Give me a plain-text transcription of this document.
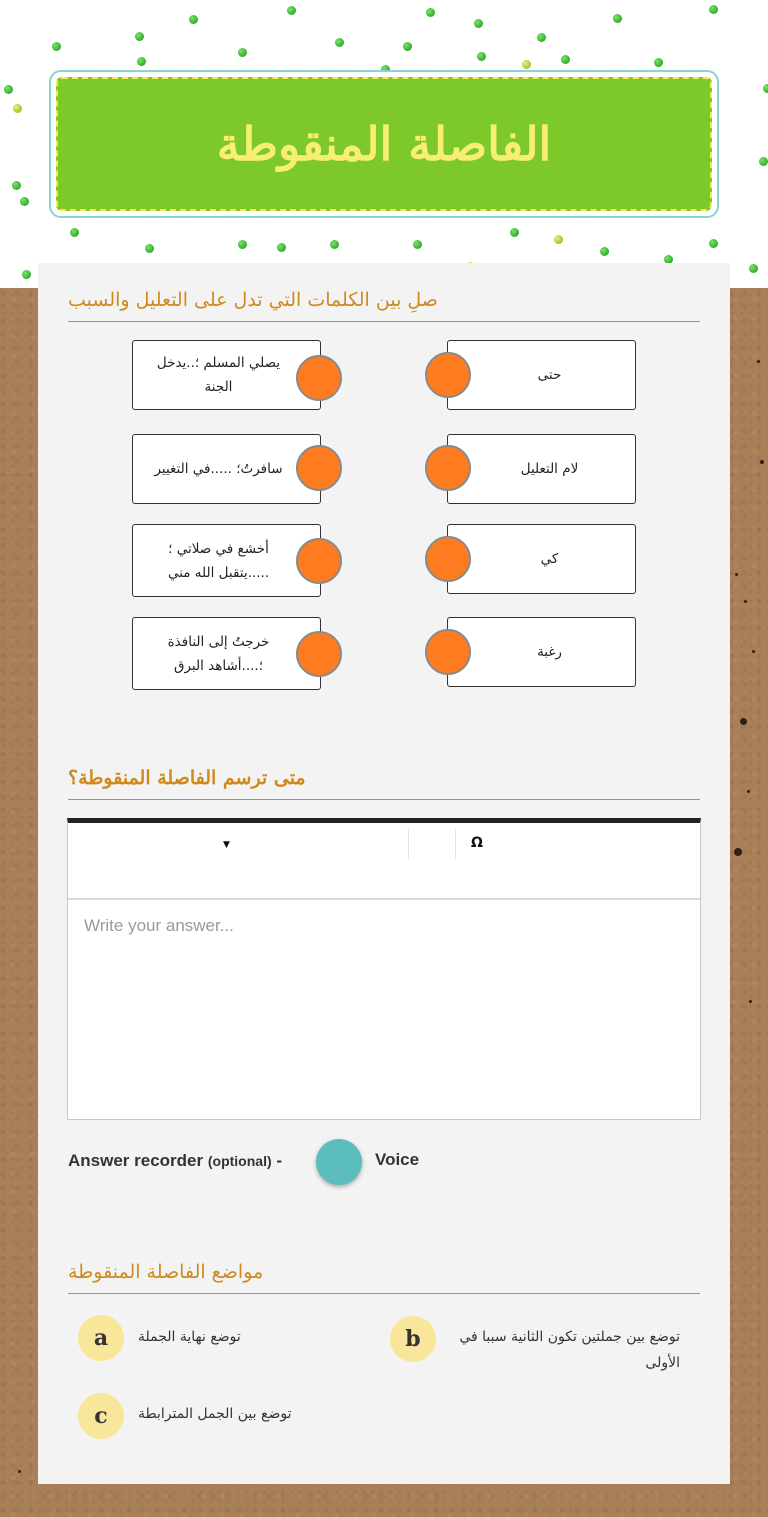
الفاصلة المنقوطة
صلِ بين الكلمات التي تدل على التعليل والسبب
يصلي المسلم ؛..يدخل الجنة
حتى
سافرتُ؛ .....في التغيير	لام التعليل
أخشع في صلاتي ؛ .....يتقبل الله مني
كي
خرجتُ إلى النافذة ؛....أشاهد البرق
رغبة
متى ترسم الفاصلة المنقوطة؟
▼	Ω
Write your answer...
Answer recorder (optional) -	Voice
مواضع الفاصلة المنقوطة
a	توضع نهاية الجملة	b	توضع بين جملتين تكون الثانية سببا في الأولى
c	توضع بين الجمل المترابطة
